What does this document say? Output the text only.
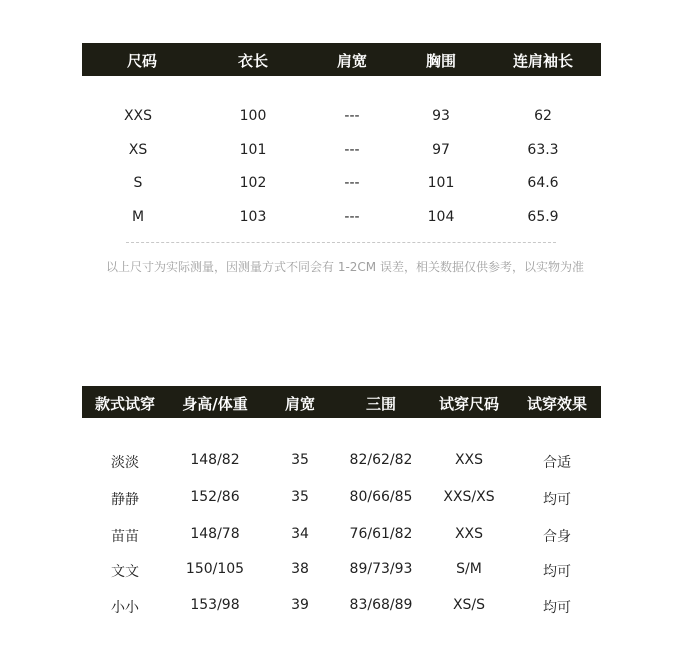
尺码	衣长	肩宽	胸围	连肩袖长
XXS	100	---	93	62
XS	101	---	97	63.3
S	102	---	101	64.6
M	103	---	104	65.9
以上尺寸为实际测量，因测量方式不同会有 1-2CM 误差，相关数据仅供参考，以实物为准
款式试穿 身高/体重 肩宽	三围	试穿尺码 试穿效果
淡淡	148/82	35	82/62/82	XXS	合适
静静	152/86	35	80/66/85 XXS/XS	均可
苗苗	148/78	34	76/61/82	XXS	合身
文文	150/105	38	89/73/93	S/M	均可
小小	153/98	39	83/68/89	XS/S	均可
